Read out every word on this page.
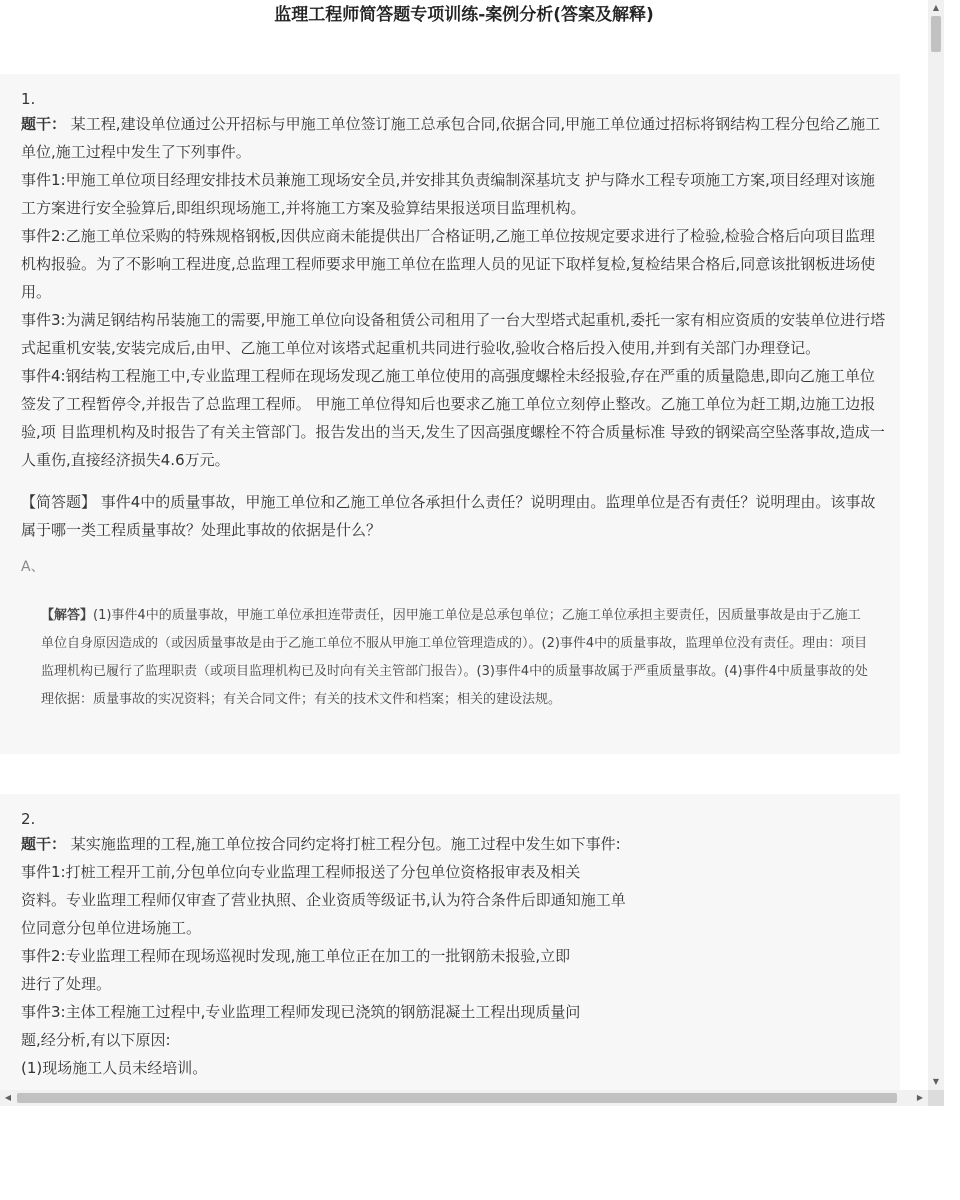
监理工程师简答题专项训练-案例分析(答案及解释)
1.

题干： 某工程,建设单位通过公开招标与甲施工单位签订施工总承包合同,依据合同,甲施工单位通过招标将钢结构工程分包给乙施工单位,施工过程中发生了下列事件。

事件1:甲施工单位项目经理安排技术员兼施工现场安全员,并安排其负责编制深基坑支 护与降水工程专项施工方案,项目经理对该施工方案进行安全验算后,即组织现场施工,并将施工方案及验算结果报送项目监理机构。

事件2:乙施工单位采购的特殊规格钢板,因供应商未能提供出厂合格证明,乙施工单位按规定要求进行了检验,检验合格后向项目监理机构报验。为了不影响工程进度,总监理工程师要求甲施工单位在监理人员的见证下取样复检,复检结果合格后,同意该批钢板进场使用。

事件3:为满足钢结构吊装施工的需要,甲施工单位向设备租赁公司租用了一台大型塔式起重机,委托一家有相应资质的安装单位进行塔式起重机安装,安装完成后,由甲、乙施工单位对该塔式起重机共同进行验收,验收合格后投入使用,并到有关部门办理登记。

事件4:钢结构工程施工中,专业监理工程师在现场发现乙施工单位使用的高强度螺栓未经报验,存在严重的质量隐患,即向乙施工单位签发了工程暂停令,并报告了总监理工程师。 甲施工单位得知后也要求乙施工单位立刻停止整改。乙施工单位为赶工期,边施工边报验,项 目监理机构及时报告了有关主管部门。报告发出的当天,发生了因高强度螺栓不符合质量标准 导致的钢梁高空坠落事故,造成一人重伤,直接经济损失4.6万元。

【简答题】 事件4中的质量事故，甲施工单位和乙施工单位各承担什么责任？说明理由。监理单位是否有责任？说明理由。该事故属于哪一类工程质量事故？处理此事故的依据是什么？
A、
【解答】(1)事件4中的质量事故，甲施工单位承担连带责任，因甲施工单位是总承包单位；乙施工单位承担主要责任，因质量事故是由于乙施工单位自身原因造成的（或因质量事故是由于乙施工单位不服从甲施工单位管理造成的）。(2)事件4中的质量事故，监理单位没有责任。理由：项目监理机构已履行了监理职责（或项目监理机构已及时向有关主管部门报告）。(3)事件4中的质量事故属于严重质量事故。(4)事件4中质量事故的处理依据：质量事故的实况资料；有关合同文件；有关的技术文件和档案；相关的建设法规。
2.

题干： 某实施监理的工程,施工单位按合同约定将打桩工程分包。施工过程中发生如下事件:

事件1:打桩工程开工前,分包单位向专业监理工程师报送了分包单位资格报审表及相关

资料。专业监理工程师仅审查了营业执照、企业资质等级证书,认为符合条件后即通知施工单

位同意分包单位进场施工。

事件2:专业监理工程师在现场巡视时发现,施工单位正在加工的一批钢筋未报验,立即

进行了处理。

事件3:主体工程施工过程中,专业监理工程师发现已浇筑的钢筋混凝土工程出现质量问

题,经分析,有以下原因:

(1)现场施工人员未经培训。

▲
▼
◀	▶
